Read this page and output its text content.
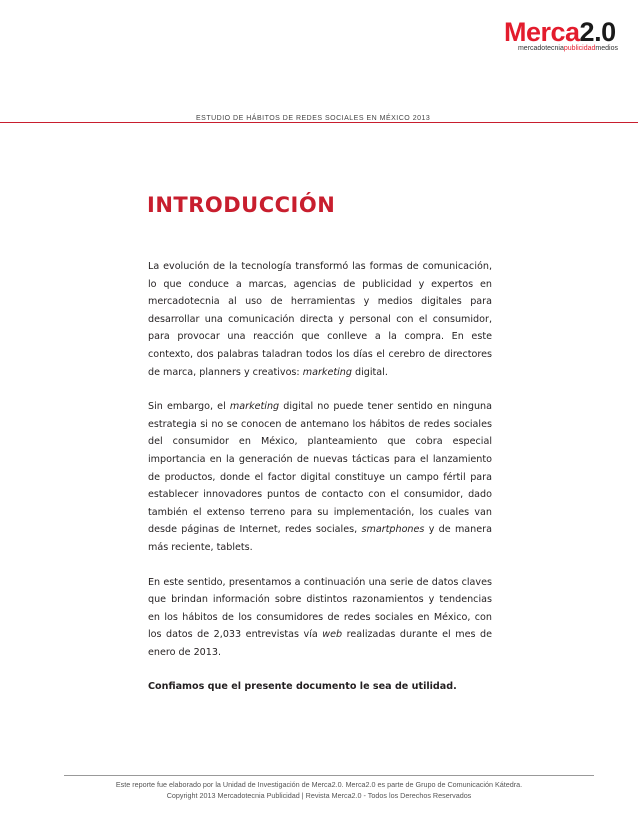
Merca2.0
mercadotecniapublicidadmedios
ESTUDIO DE HÁBITOS DE REDES SOCIALES EN MÉXICO 2013
INTRODUCCIÓN

La evolución de la tecnología transformó las formas de comunicación, lo que conduce a marcas, agencias de publicidad y expertos en mercadotecnia al uso de herramientas y medios digitales para desarrollar una comunicación directa y personal con el consumidor, para provocar una reacción que conlleve a la compra. En este contexto, dos palabras taladran todos los días el cerebro de directores de marca, planners y creativos: marketing digital.

Sin embargo, el marketing digital no puede tener sentido en ninguna estrategia si no se conocen de antemano los hábitos de redes sociales del consumidor en México, planteamiento que cobra especial importancia en la generación de nuevas tácticas para el lanzamiento de productos, donde el factor digital constituye un campo fértil para establecer innovadores puntos de contacto con el consumidor, dado también el extenso terreno para su implementación, los cuales van desde páginas de Internet, redes sociales, smartphones y de manera más reciente, tablets.

En este sentido, presentamos a continuación una serie de datos claves que brindan información sobre distintos razonamientos y tendencias en los hábitos de los consumidores de redes sociales en México, con los datos de 2,033 entrevistas vía web realizadas durante el mes de enero de 2013.

Confiamos que el presente documento le sea de utilidad.

Este reporte fue elaborado por la Unidad de Investigación de Merca2.0. Merca2.0 es parte de Grupo de Comunicación Kátedra.
Copyright 2013 Mercadotecnia Publicidad | Revista Merca2.0 - Todos los Derechos Reservados
